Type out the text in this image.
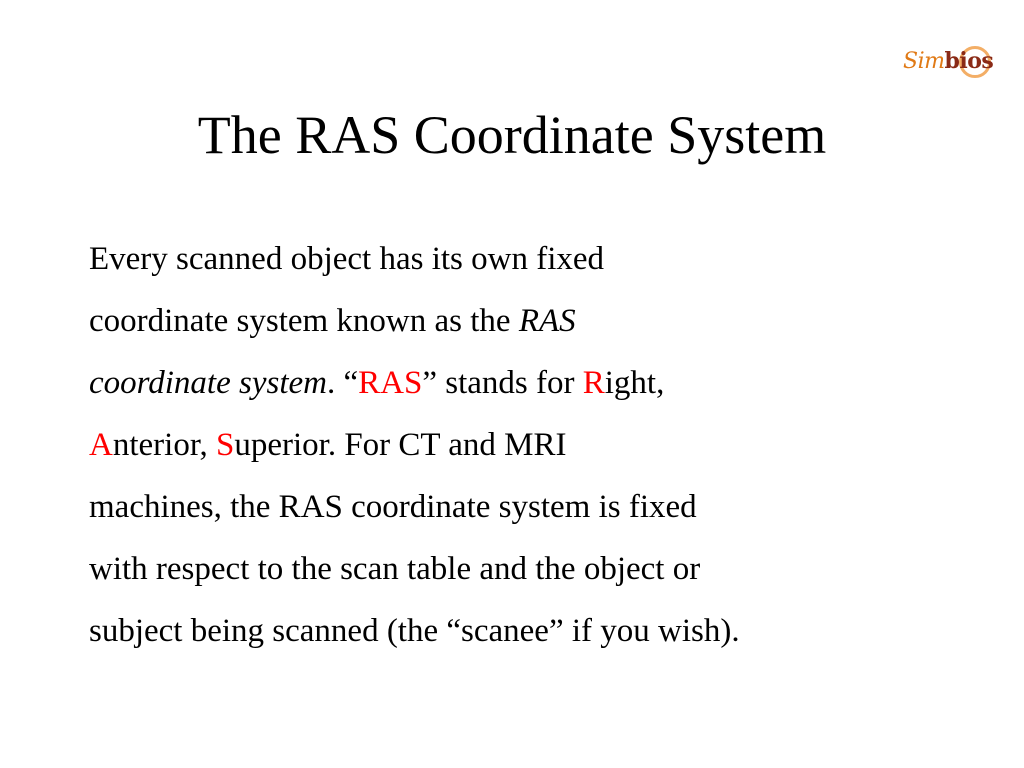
Simbios
The RAS Coordinate System
Every scanned object has its own fixed
coordinate system known as the RAS
coordinate system. “RAS” stands for Right,
Anterior, Superior. For CT and MRI
machines, the RAS coordinate system is fixed
with respect to the scan table and the object or
subject being scanned (the “scanee” if you wish).
